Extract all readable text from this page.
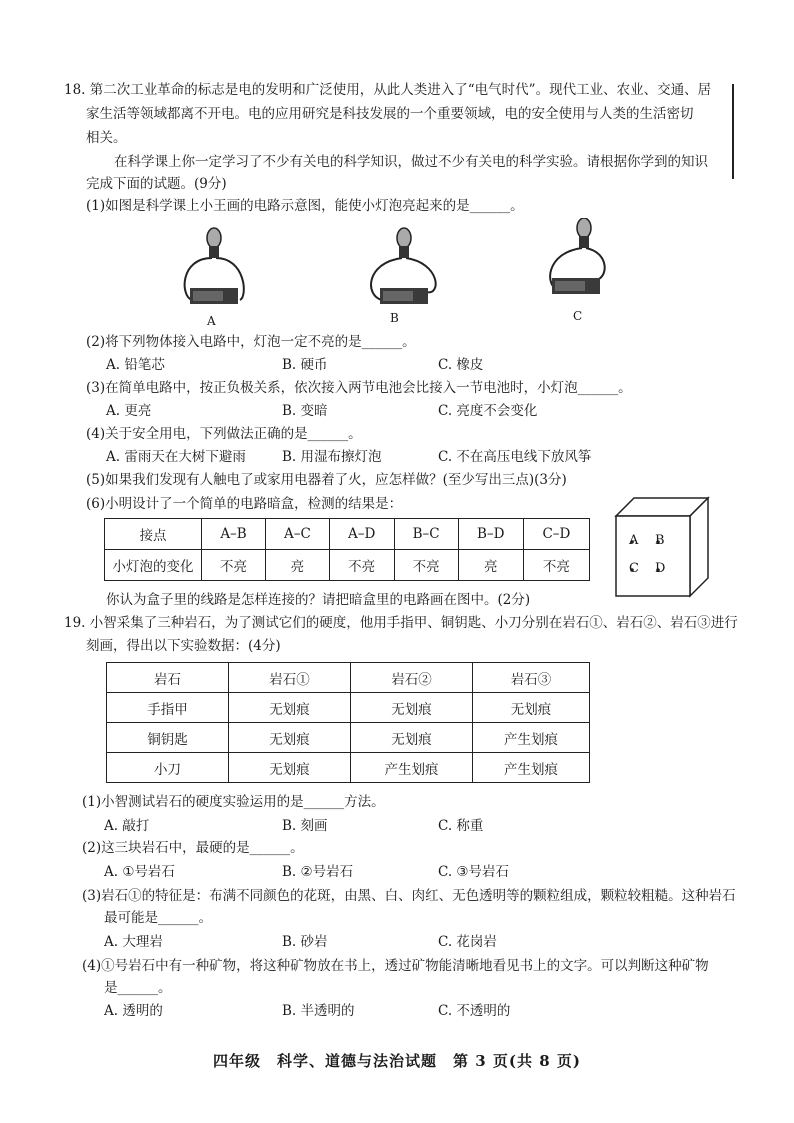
18. 第二次工业革命的标志是电的发明和广泛使用，从此人类进入了“电气时代”。现代工业、农业、交通、居
家生活等领域都离不开电。电的应用研究是科技发展的一个重要领域，电的安全使用与人类的生活密切
相关。
在科学课上你一定学习了不少有关电的科学知识，做过不少有关电的科学实验。请根据你学到的知识
完成下面的试题。(9分)
(1)如图是科学课上小王画的电路示意图，能使小灯泡亮起来的是______。
A	B	C
(2)将下列物体接入电路中，灯泡一定不亮的是______。
A. 铅笔芯	B. 硬币	C. 橡皮
(3)在简单电路中，按正负极关系，依次接入两节电池会比接入一节电池时，小灯泡______。
A. 更亮	B. 变暗	C. 亮度不会变化
(4)关于安全用电，下列做法正确的是______。
A. 雷雨天在大树下避雨	B. 用湿布擦灯泡	C. 不在高压电线下放风筝
(5)如果我们发现有人触电了或家用电器着了火，应怎样做？(至少写出三点)(3分)
(6)小明设计了一个简单的电路暗盒，检测的结果是：
接点	A–B	A–C	A–D	B–C	B–D	C–D
小灯泡的变化	不亮	亮	不亮	不亮	亮	不亮
A B
C D
你认为盒子里的线路是怎样连接的？请把暗盒里的电路画在图中。(2分)
19. 小智采集了三种岩石，为了测试它们的硬度，他用手指甲、铜钥匙、小刀分别在岩石①、岩石②、岩石③进行
刻画，得出以下实验数据：(4分)
岩石	岩石①	岩石②	岩石③
手指甲	无划痕	无划痕	无划痕
铜钥匙	无划痕	无划痕	产生划痕
小刀	无划痕	产生划痕	产生划痕
(1)小智测试岩石的硬度实验运用的是______方法。
A. 敲打	B. 刻画	C. 称重
(2)这三块岩石中，最硬的是______。
A. ①号岩石	B. ②号岩石	C. ③号岩石
(3)岩石①的特征是：布满不同颜色的花斑，由黑、白、肉红、无色透明等的颗粒组成，颗粒较粗糙。这种岩石
最可能是______。
A. 大理岩	B. 砂岩	C. 花岗岩
(4)①号岩石中有一种矿物，将这种矿物放在书上，透过矿物能清晰地看见书上的文字。可以判断这种矿物
是______。
A. 透明的	B. 半透明的	C. 不透明的
四年级　科学、道德与法治试题　第 3 页(共 8 页)
